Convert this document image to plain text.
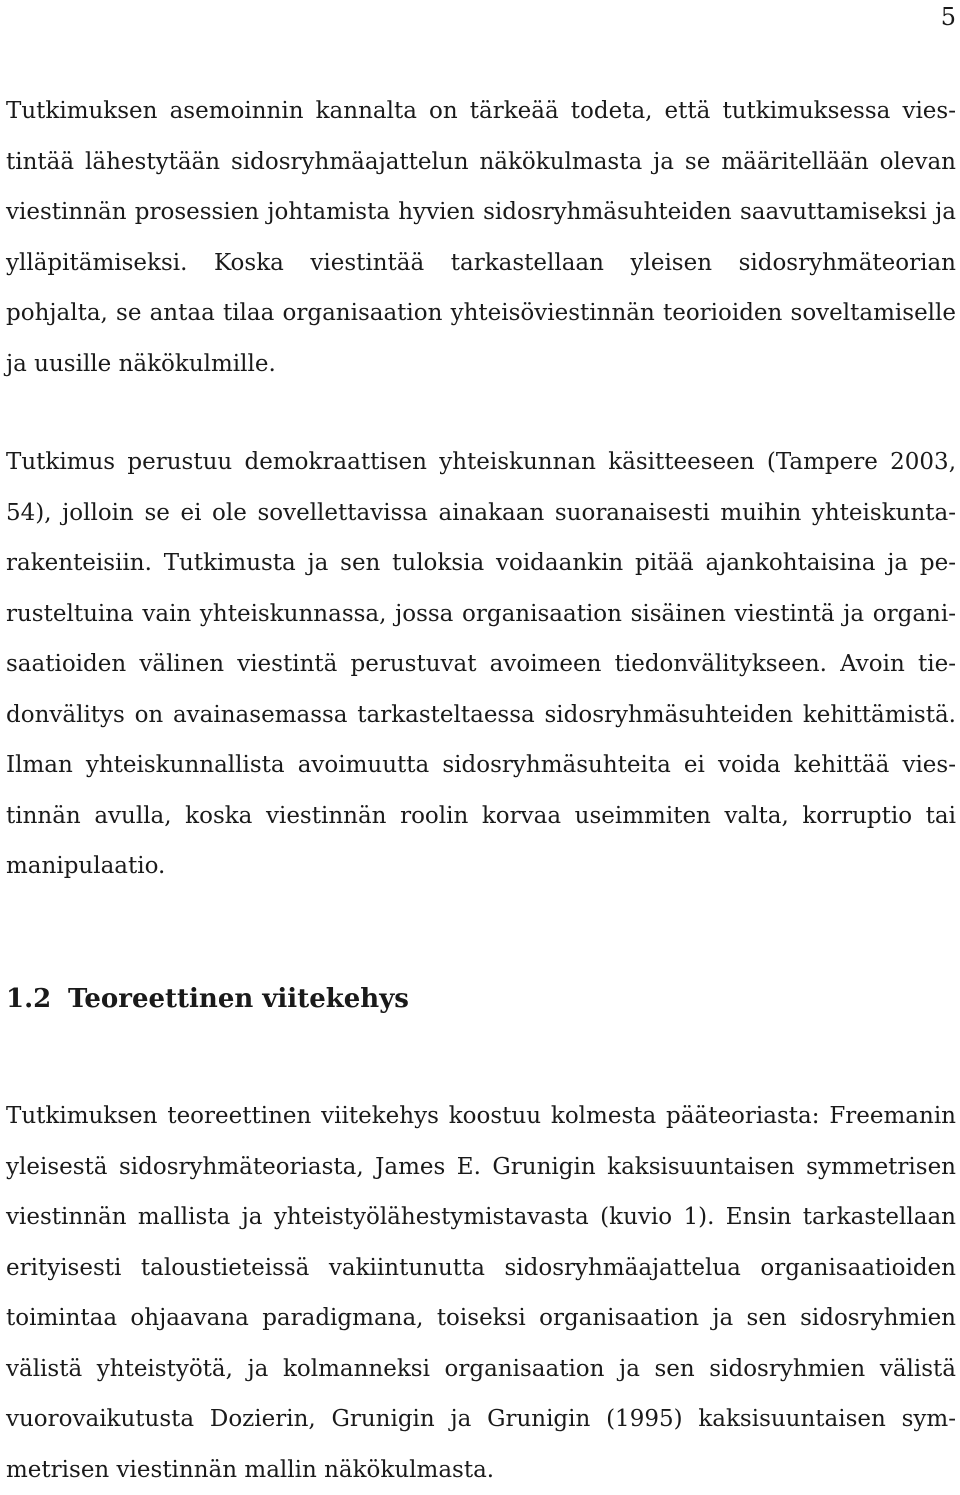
5

Tutkimuksen asemoinnin kannalta on tärkeää todeta, että tutkimuksessa viestintää lähestytään sidosryhmäajattelun näkökulmasta ja se määritellään olevan viestinnän prosessien johtamista hyvien sidosryhmäsuhteiden saavuttamiseksi ja ylläpitämiseksi. Koska viestintää tarkastellaan yleisen sidosryhmäteorian pohjalta, se antaa tilaa organisaation yhteisöviestinnän teorioiden soveltamiselle ja uusille näkökulmille.

Tutkimus perustuu demokraattisen yhteiskunnan käsitteeseen (Tampere 2003, 54), jolloin se ei ole sovellettavissa ainakaan suoranaisesti muihin yhteiskuntarakenteisiin. Tutkimusta ja sen tuloksia voidaankin pitää ajankohtaisina ja perusteltuina vain yhteiskunnassa, jossa organisaation sisäinen viestintä ja organisaatioiden välinen viestintä perustuvat avoimeen tiedonvälitykseen. Avoin tiedonvälitys on avainasemassa tarkasteltaessa sidosryhmäsuhteiden kehittämistä. Ilman yhteiskunnallista avoimuutta sidosryhmäsuhteita ei voida kehittää viestinnän avulla, koska viestinnän roolin korvaa useimmiten valta, korruptio tai manipulaatio.

1.2 Teoreettinen viitekehys

Tutkimuksen teoreettinen viitekehys koostuu kolmesta pääteoriasta: Freemanin yleisestä sidosryhmäteoriasta, James E. Grunigin kaksisuuntaisen symmetrisen viestinnän mallista ja yhteistyölähestymistavasta (kuvio 1). Ensin tarkastellaan erityisesti taloustieteissä vakiintunutta sidosryhmäajattelua organisaatioiden toimintaa ohjaavana paradigmana, toiseksi organisaation ja sen sidosryhmien välistä yhteistyötä, ja kolmanneksi organisaation ja sen sidosryhmien välistä vuorovaikutusta Dozierin, Grunigin ja Grunigin (1995) kaksisuuntaisen symmetrisen viestinnän mallin näkökulmasta.
